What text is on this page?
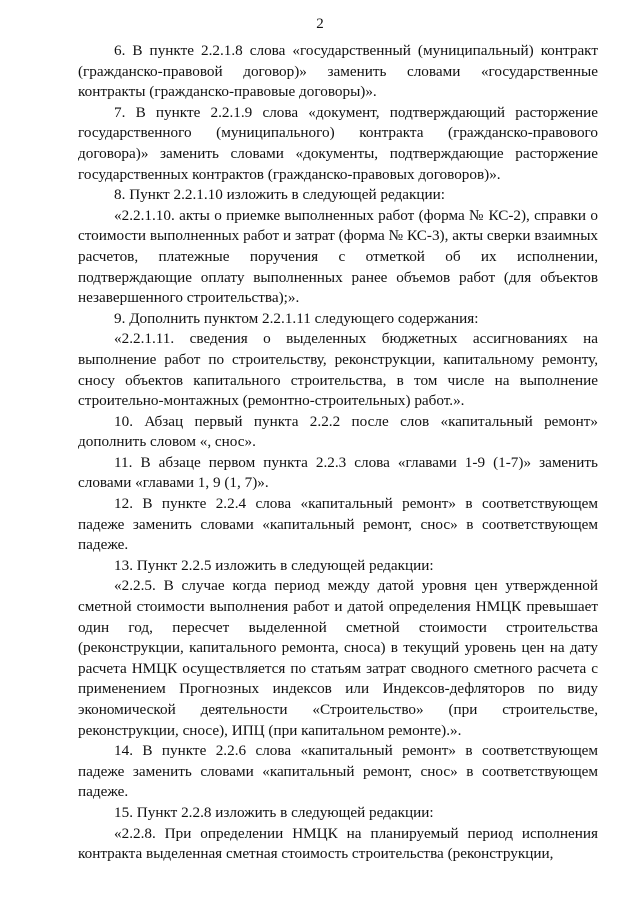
2

6. В пункте 2.2.1.8 слова «государственный (муниципальный) контракт (гражданско-правовой договор)» заменить словами «государственные контракты (гражданско-правовые договоры)».

7. В пункте 2.2.1.9 слова «документ, подтверждающий расторжение государственного (муниципального) контракта (гражданско-правового договора)» заменить словами «документы, подтверждающие расторжение государственных контрактов (гражданско-правовых договоров)».

8. Пункт 2.2.1.10 изложить в следующей редакции:

«2.2.1.10. акты о приемке выполненных работ (форма № КС-2), справки о стоимости выполненных работ и затрат (форма № КС-3), акты сверки взаимных расчетов, платежные поручения с отметкой об их исполнении, подтверждающие оплату выполненных ранее объемов работ (для объектов незавершенного строительства);».

9. Дополнить пунктом 2.2.1.11 следующего содержания:

«2.2.1.11. сведения о выделенных бюджетных ассигнованиях на выполнение работ по строительству, реконструкции, капитальному ремонту, сносу объектов капитального строительства, в том числе на выполнение строительно-монтажных (ремонтно-строительных) работ.».

10. Абзац первый пункта 2.2.2 после слов «капитальный ремонт» дополнить словом «, снос».

11. В абзаце первом пункта 2.2.3 слова «главами 1-9 (1-7)» заменить словами «главами 1, 9 (1, 7)».

12. В пункте 2.2.4 слова «капитальный ремонт» в соответствующем падеже заменить словами «капитальный ремонт, снос» в соответствующем падеже.

13. Пункт 2.2.5 изложить в следующей редакции:

«2.2.5. В случае когда период между датой уровня цен утвержденной сметной стоимости выполнения работ и датой определения НМЦК превышает один год, пересчет выделенной сметной стоимости строительства (реконструкции, капитального ремонта, сноса) в текущий уровень цен на дату расчета НМЦК осуществляется по статьям затрат сводного сметного расчета с применением Прогнозных индексов или Индексов-дефляторов по виду экономической деятельности «Строительство» (при строительстве, реконструкции, сносе), ИПЦ (при капитальном ремонте).».

14. В пункте 2.2.6 слова «капитальный ремонт» в соответствующем падеже заменить словами «капитальный ремонт, снос» в соответствующем падеже.

15. Пункт 2.2.8 изложить в следующей редакции:

«2.2.8. При определении НМЦК на планируемый период исполнения контракта выделенная сметная стоимость строительства (реконструкции,
